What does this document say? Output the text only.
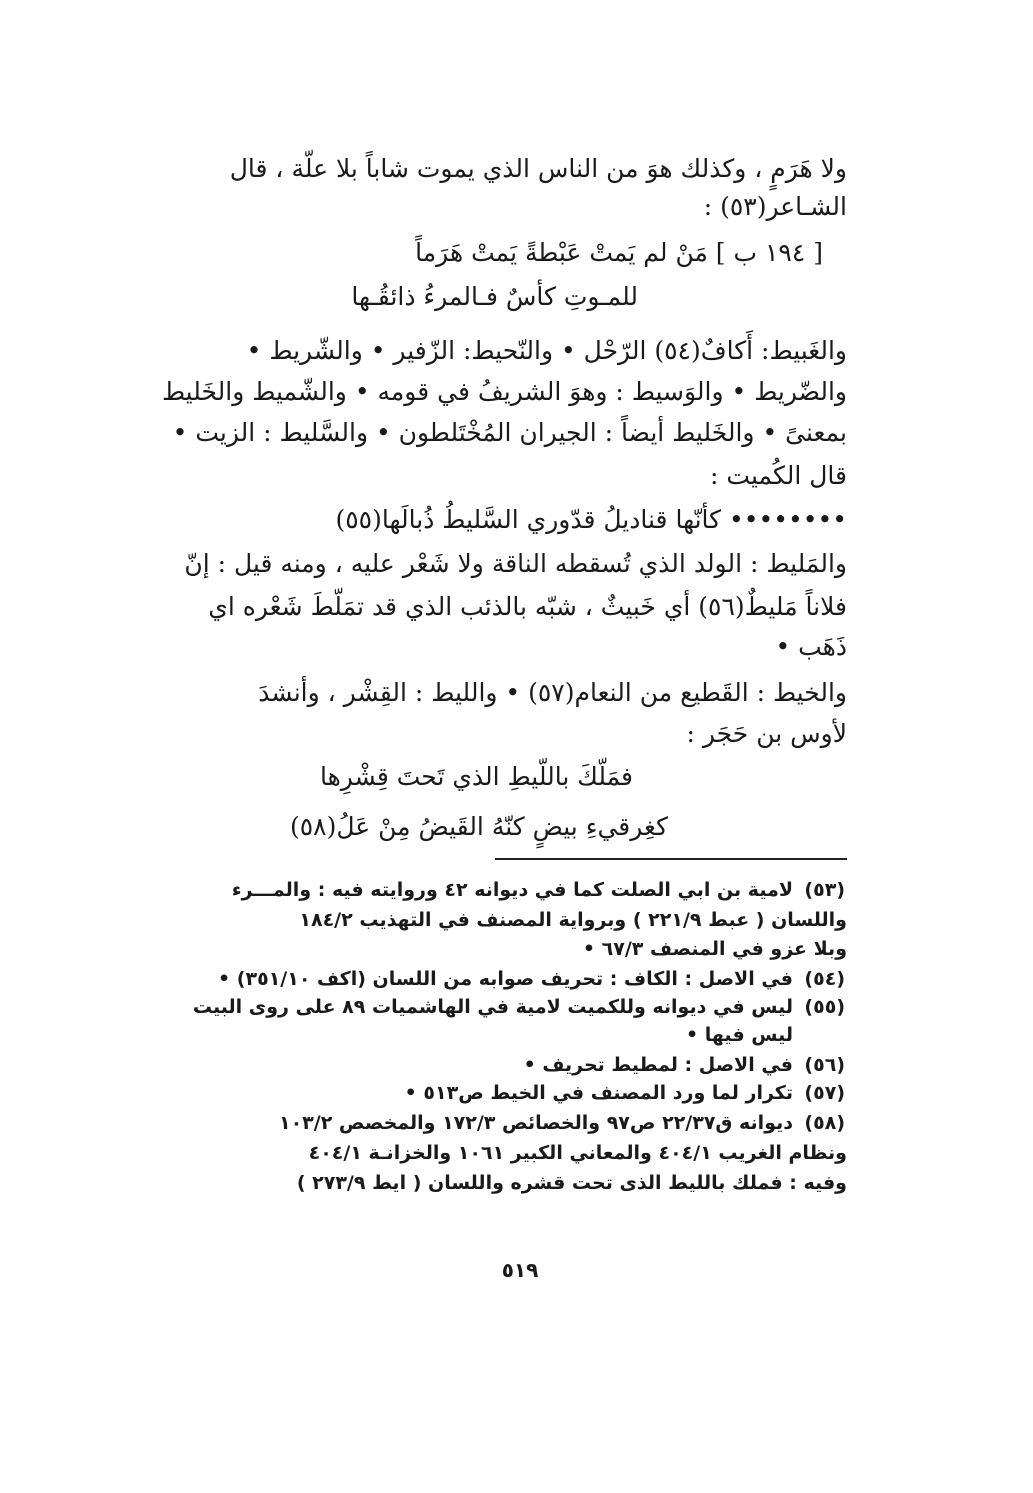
ولا هَرَمٍ ، وكذلك هوَ من الناس الذي يموت شاباً بلا علّة ، قال
الشـاعر(٥٣) :
[ ١٩٤ ب ] مَنْ لم يَمتْ عَبْطةً يَمتْ هَرَماً
للمـوتِ كأسٌ فـالمرءُ ذائقُـها
والغَبيط: أَكافٌ(٥٤) الرّحْل • والنّحيط: الزّفير • والشّريط •
والضّريط • والوَسيط : وهوَ الشريفُ في قومه • والشّميط والخَليط
بمعنىً • والخَليط أيضاً : الجيران المُخْتَلطون • والسَّليط : الزيت •
قال الكُميت :
•••••••• كأنّها قناديلُ قدّوري السَّليطُ ذُبالَها(٥٥)
والمَليط : الولد الذي تُسقطه الناقة ولا شَعْر عليه ، ومنه قيل : إنّ
فلاناً مَليطٌ(٥٦) أي خَبيثٌ ، شبّه بالذئب الذي قد تمَلّطَ شَعْره اي
ذَهَب •
والخيط : القَطيع من النعام(٥٧) • والليط : القِشْر ، وأنشدَ
لأوس بن حَجَر :
فمَلّكَ باللّيطِ الذي تَحتَ قِشْرِها
كغِرقيءِ بيضٍ كنّهُ القَيضُ مِنْ عَلُ(٥٨)
(٥٣)
لامية بن ابي الصلت كما في ديوانه ٤٢ وروايته فيه : والمـــرء
واللسان ( عبط ٢٢١/٩ ) وبرواية المصنف في التهذيب ١٨٤/٢
وبلا عزو في المنصف ٦٧/٣ •
(٥٤)
في الاصل : الكاف : تحريف صوابه من اللسان (اكف ٣٥١/١٠) •
(٥٥)
ليس في ديوانه وللكميت لامية في الهاشميات ٨٩ على روى البيت
ليس فيها •
(٥٦)
في الاصل : لمطيط تحريف •
(٥٧)
تكرار لما ورد المصنف في الخيط ص٥١٣ •
(٥٨)
ديوانه ق٢٢/٣٧ ص٩٧ والخصائص ١٧٢/٣ والمخصص ١٠٣/٢
ونظام الغريب ٤٠٤/١ والمعاني الكبير ١٠٦١ والخزانـة ٤٠٤/١
وفيه : فملك بالليط الذى تحت قشره واللسان ( ايط ٢٧٣/٩ )
٥١٩
